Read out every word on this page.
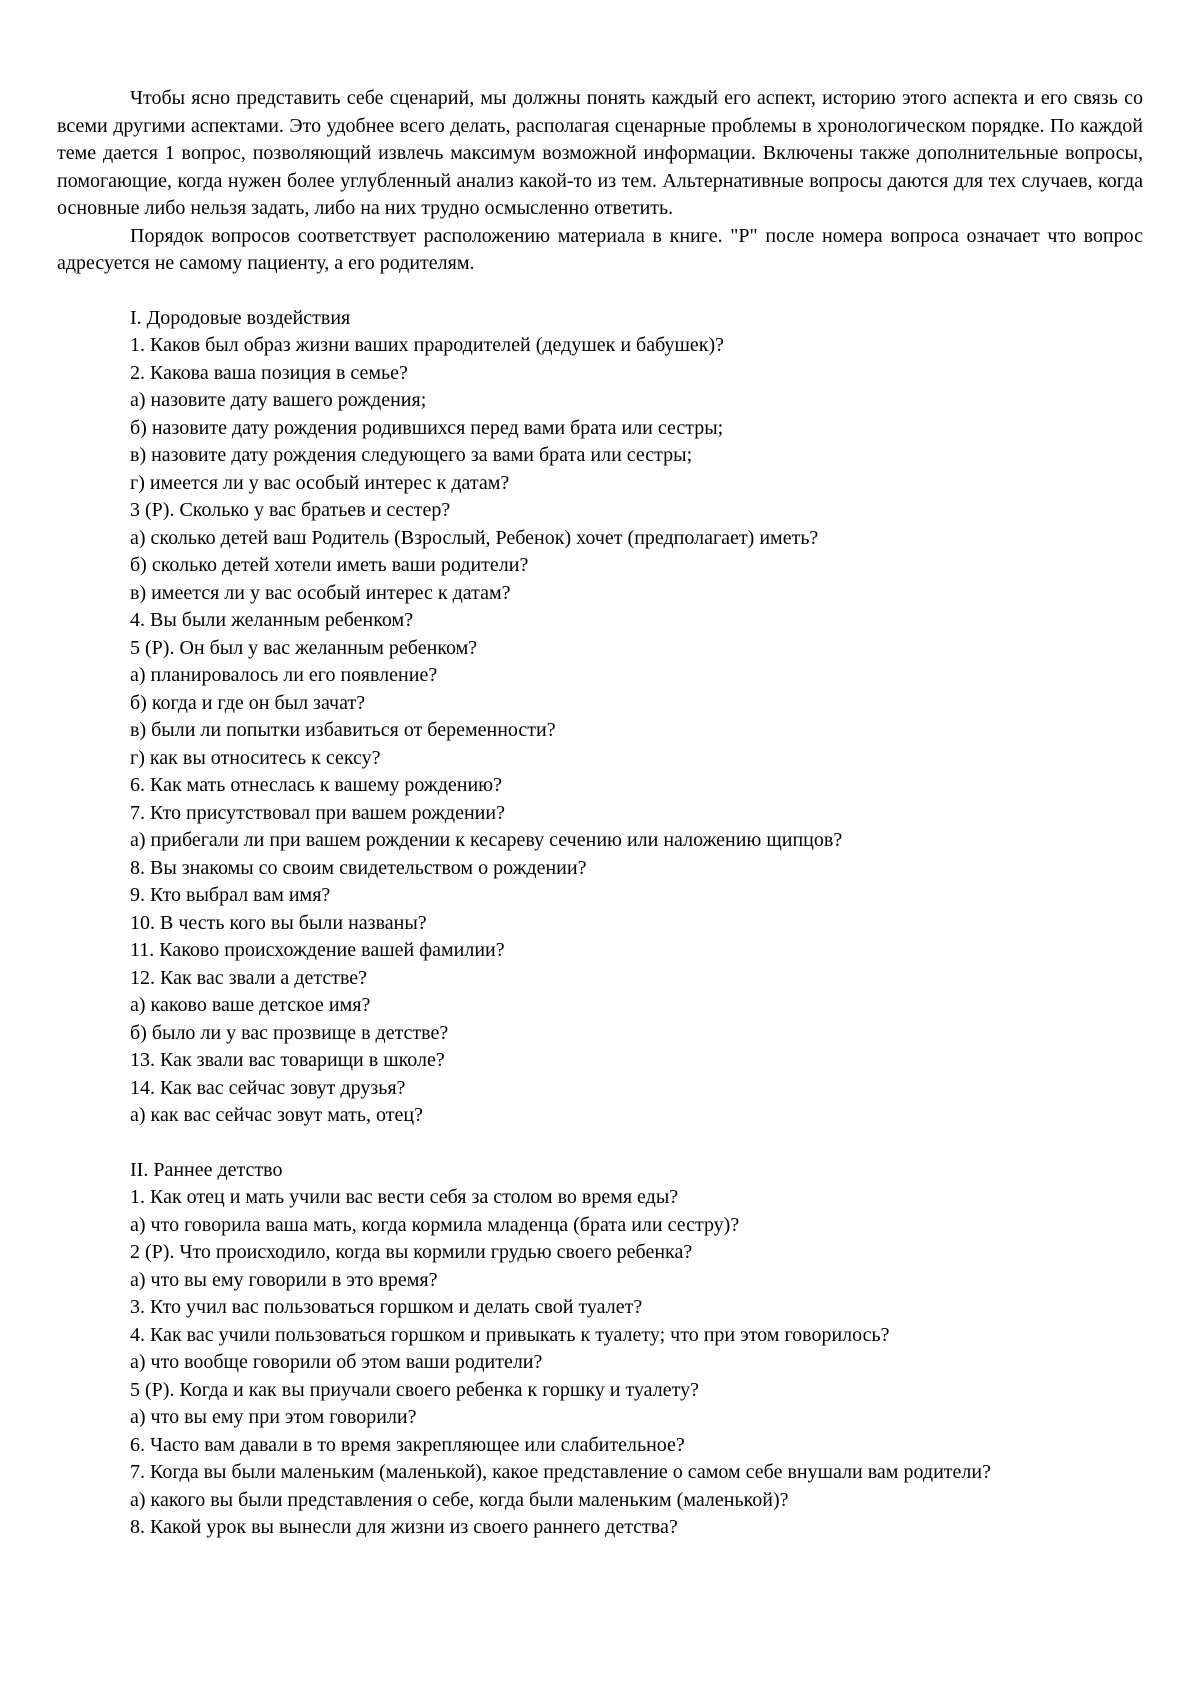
Чтобы ясно представить себе сценарий, мы должны понять каждый его аспект, историю этого аспекта и его связь со всеми другими аспектами. Это удобнее всего делать, располагая сценарные проблемы в хронологическом порядке. По каждой теме дается 1 вопрос, позволяющий извлечь максимум возможной информации. Включены также дополнительные вопросы, помогающие, когда нужен более углубленный анализ какой-то из тем. Альтернативные вопросы даются для тех случаев, когда основные либо нельзя задать, либо на них трудно осмысленно ответить.

Порядок вопросов соответствует расположению материала в книге. "Р" после номера вопроса означает что вопрос адресуется не самому пациенту, а его родителям.

I. Дородовые воздействия

1. Каков был образ жизни ваших прародителей (дедушек и бабушек)?

2. Какова ваша позиция в семье?

а) назовите дату вашего рождения;

б) назовите дату рождения родившихся перед вами брата или сестры;

в) назовите дату рождения следующего за вами брата или сестры;

г) имеется ли у вас особый интерес к датам?

3 (Р). Сколько у вас братьев и сестер?

а) сколько детей ваш Родитель (Взрослый, Ребенок) хочет (предполагает) иметь?

б) сколько детей хотели иметь ваши родители?

в) имеется ли у вас особый интерес к датам?

4. Вы были желанным ребенком?

5 (Р). Он был у вас желанным ребенком?

а) планировалось ли его появление?

б) когда и где он был зачат?

в) были ли попытки избавиться от беременности?

г) как вы относитесь к сексу?

6. Как мать отнеслась к вашему рождению?

7. Кто присутствовал при вашем рождении?

а) прибегали ли при вашем рождении к кесареву сечению или наложению щипцов?

8. Вы знакомы со своим свидетельством о рождении?

9. Кто выбрал вам имя?

10. В честь кого вы были названы?

11. Каково происхождение вашей фамилии?

12. Как вас звали а детстве?

а) каково ваше детское имя?

б) было ли у вас прозвище в детстве?

13. Как звали вас товарищи в школе?

14. Как вас сейчас зовут друзья?

а) как вас сейчас зовут мать, отец?

II. Раннее детство

1. Как отец и мать учили вас вести себя за столом во время еды?

а) что говорила ваша мать, когда кормила младенца (брата или сестру)?

2 (Р). Что происходило, когда вы кормили грудью своего ребенка?

а) что вы ему говорили в это время?

3. Кто учил вас пользоваться горшком и делать свой туалет?

4. Как вас учили пользоваться горшком и привыкать к туалету; что при этом говорилось?

а) что вообще говорили об этом ваши родители?

5 (Р). Когда и как вы приучали своего ребенка к горшку и туалету?

а) что вы ему при этом говорили?

6. Часто вам давали в то время закрепляющее или слабительное?

7. Когда вы были маленьким (маленькой), какое представление о самом себе внушали вам родители?

а) какого вы были представления о себе, когда были маленьким (маленькой)?

8. Какой урок вы вынесли для жизни из своего раннего детства?
